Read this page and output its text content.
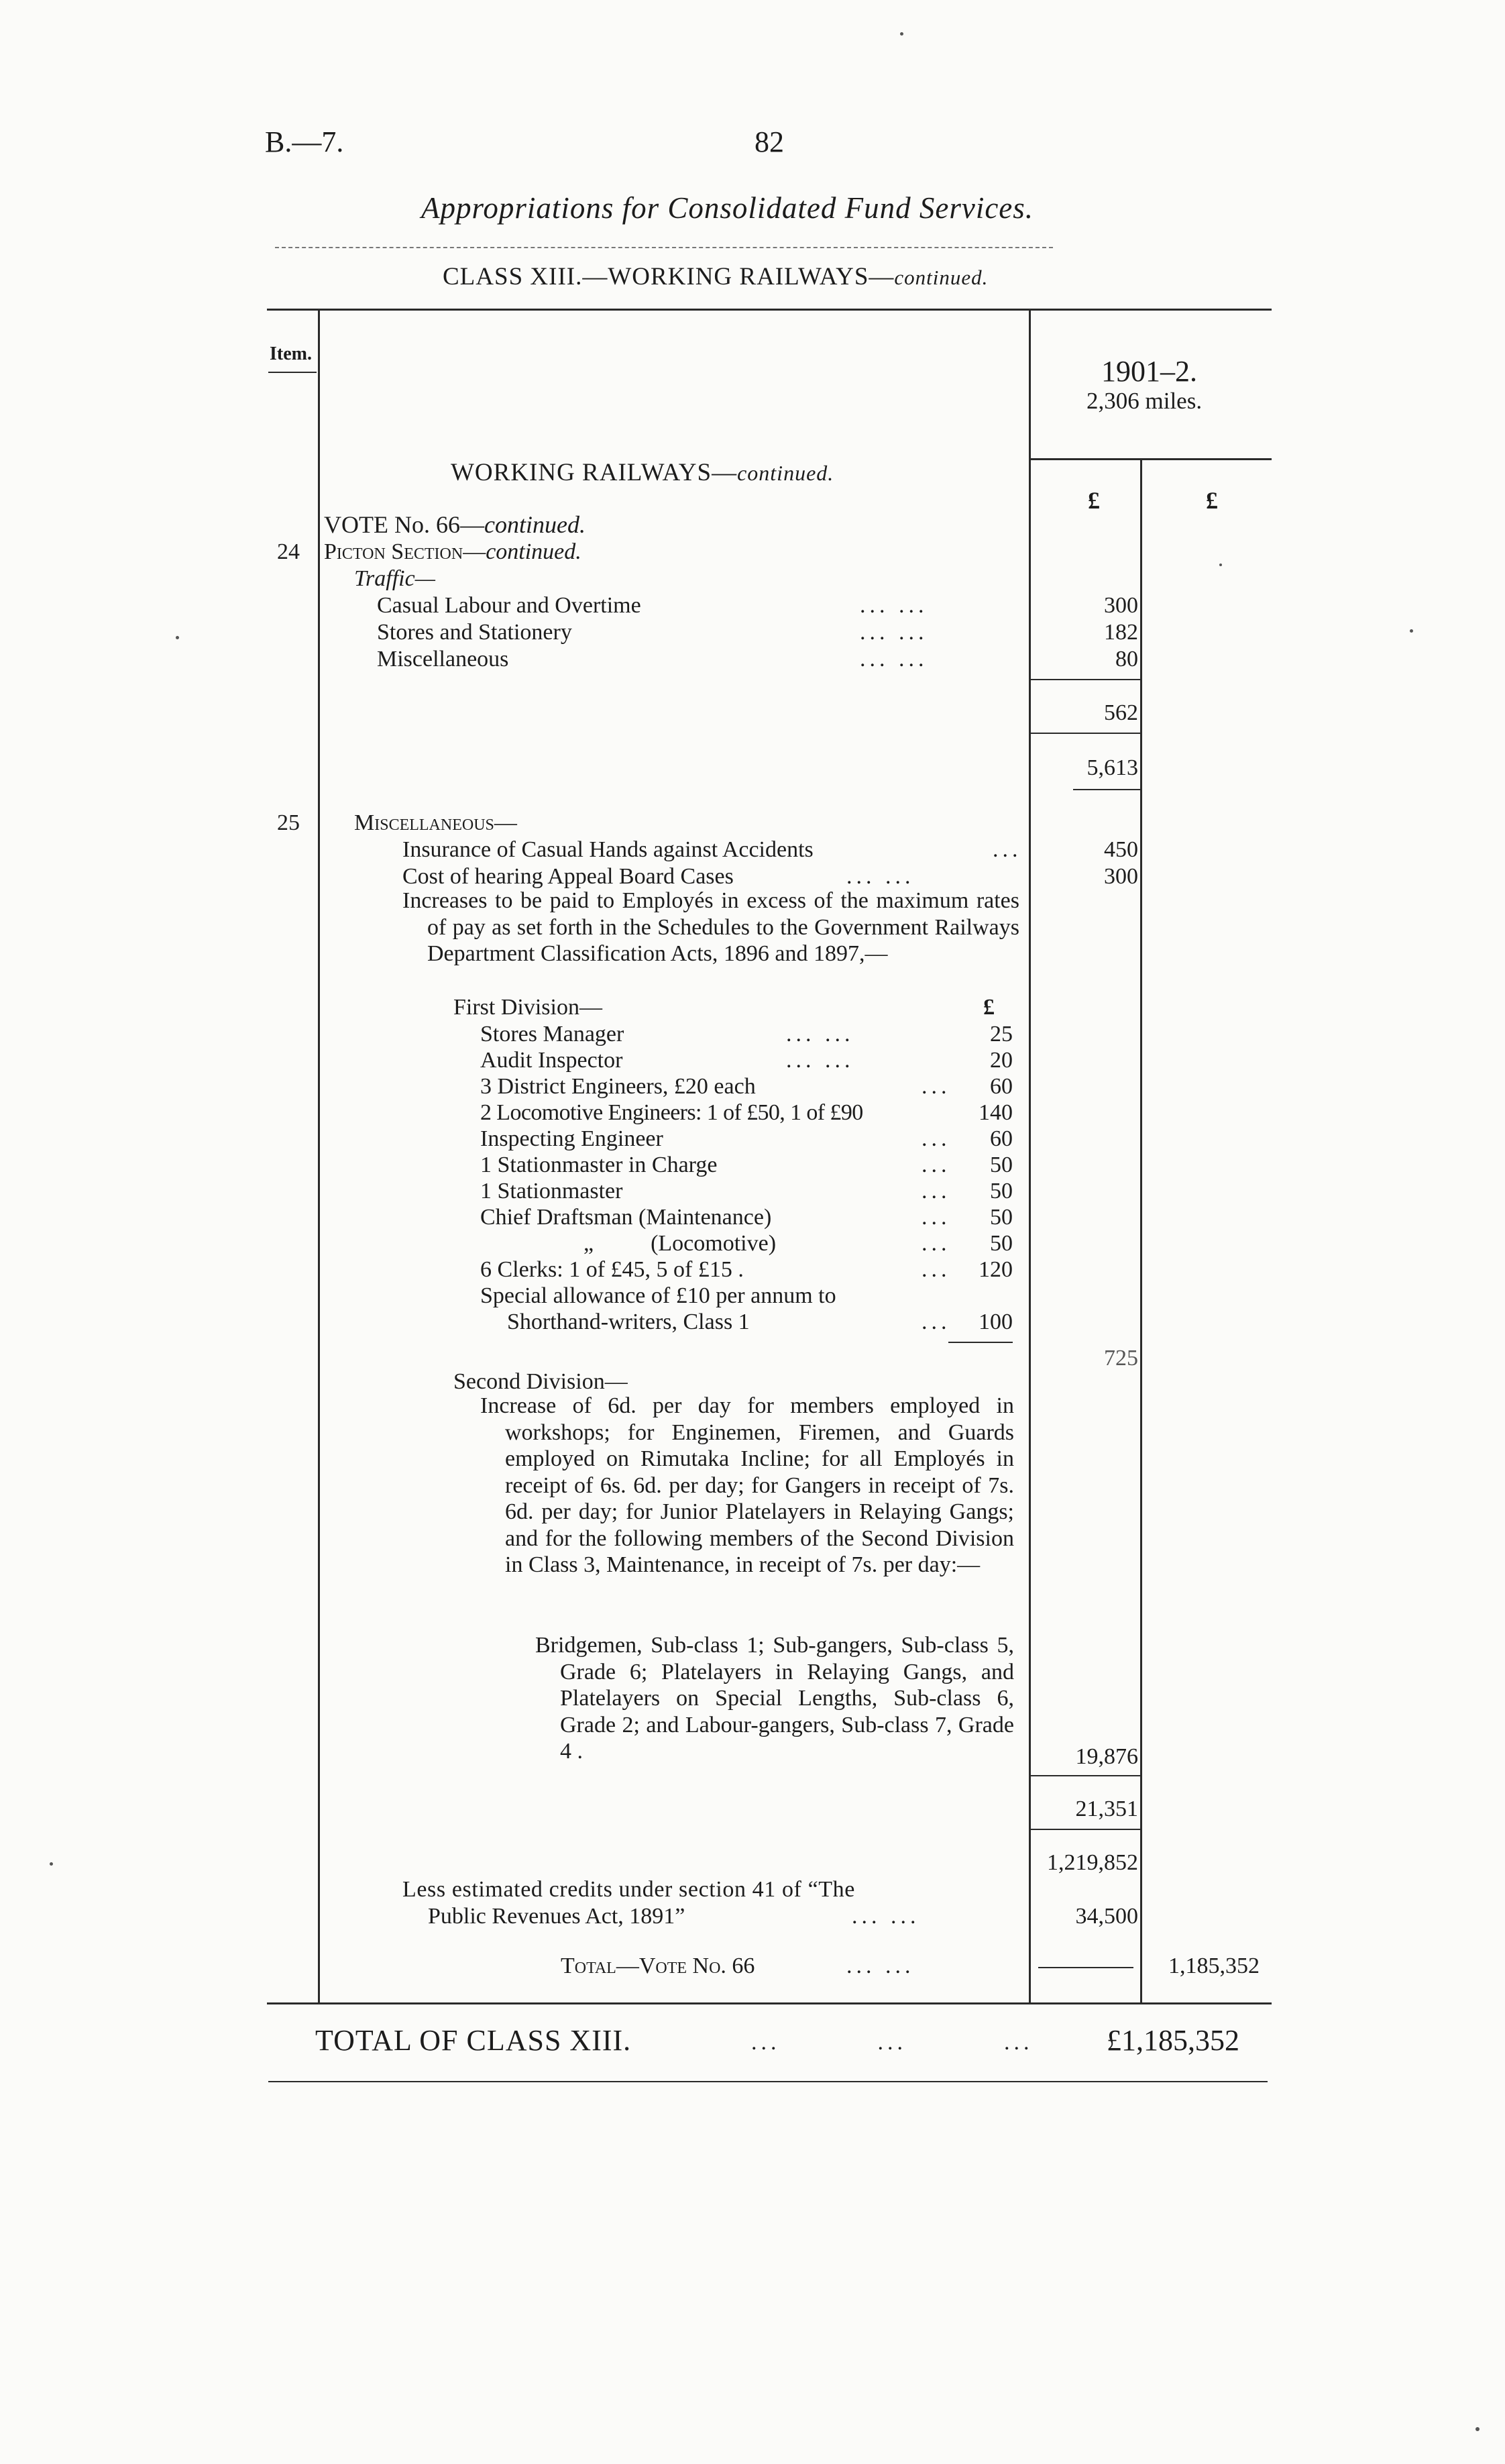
B.—7.	82
Appropriations for Consolidated Fund Services.
CLASS XIII.—WORKING RAILWAYS—continued.
Item.
1901–2.
2,306 miles.
£	£
WORKING RAILWAYS—continued.
VOTE No. 66—continued.
24 Picton Section—continued.
Traffic—
Casual Labour and Overtime	... ...	300
Stores and Stationery	... ...	182
Miscellaneous	... ...	80
562
5,613
25 Miscellaneous—
Insurance of Casual Hands against Accidents	...	450
Cost of hearing Appeal Board Cases	... ...	300

Increases to be paid to Employés in excess of the maximum rates of pay as set forth in the Schedules to the Government Railways Department Classification Acts, 1896 and 1897,—

First Division—	£
Stores Manager	... ...	25
Audit Inspector	... ...	20
3 District Engineers, £20 each	... 60
2 Locomotive Engineers: 1 of £50, 1 of £90	140
Inspecting Engineer	... 60
1 Stationmaster in Charge	... 50
1 Stationmaster	... 50
Chief Draftsman (Maintenance)	... 50
„          (Locomotive)	... 50
6 Clerks: 1 of £45, 5 of £15 .	... 120
Special allowance of £10 per annum to
Shorthand-writers, Class 1	... 100
725
Second Division—

Increase of 6d. per day for members employed in workshops; for Enginemen, Firemen, and Guards employed on Rimutaka Incline; for all Employés in receipt of 6s. 6d. per day; for Gangers in receipt of 7s. 6d. per day; for Junior Platelayers in Relaying Gangs; and for the following members of the Second Division in Class 3, Maintenance, in receipt of 7s. per day:—

Bridgemen, Sub-class 1; Sub-gangers, Sub-class 5, Grade 6; Platelayers in Relaying Gangs, and Platelayers on Special Lengths, Sub-class 6, Grade 2; and Labour-gangers, Sub-class 7, Grade 4 .	19,876
21,351
1,219,852
Less estimated credits under section 41 of “The
Public Revenues Act, 1891”	... ...	34,500
Total—Vote No. 66	... ...	1,185,352
TOTAL OF CLASS XIII.	...          ...          ... £1,185,352
